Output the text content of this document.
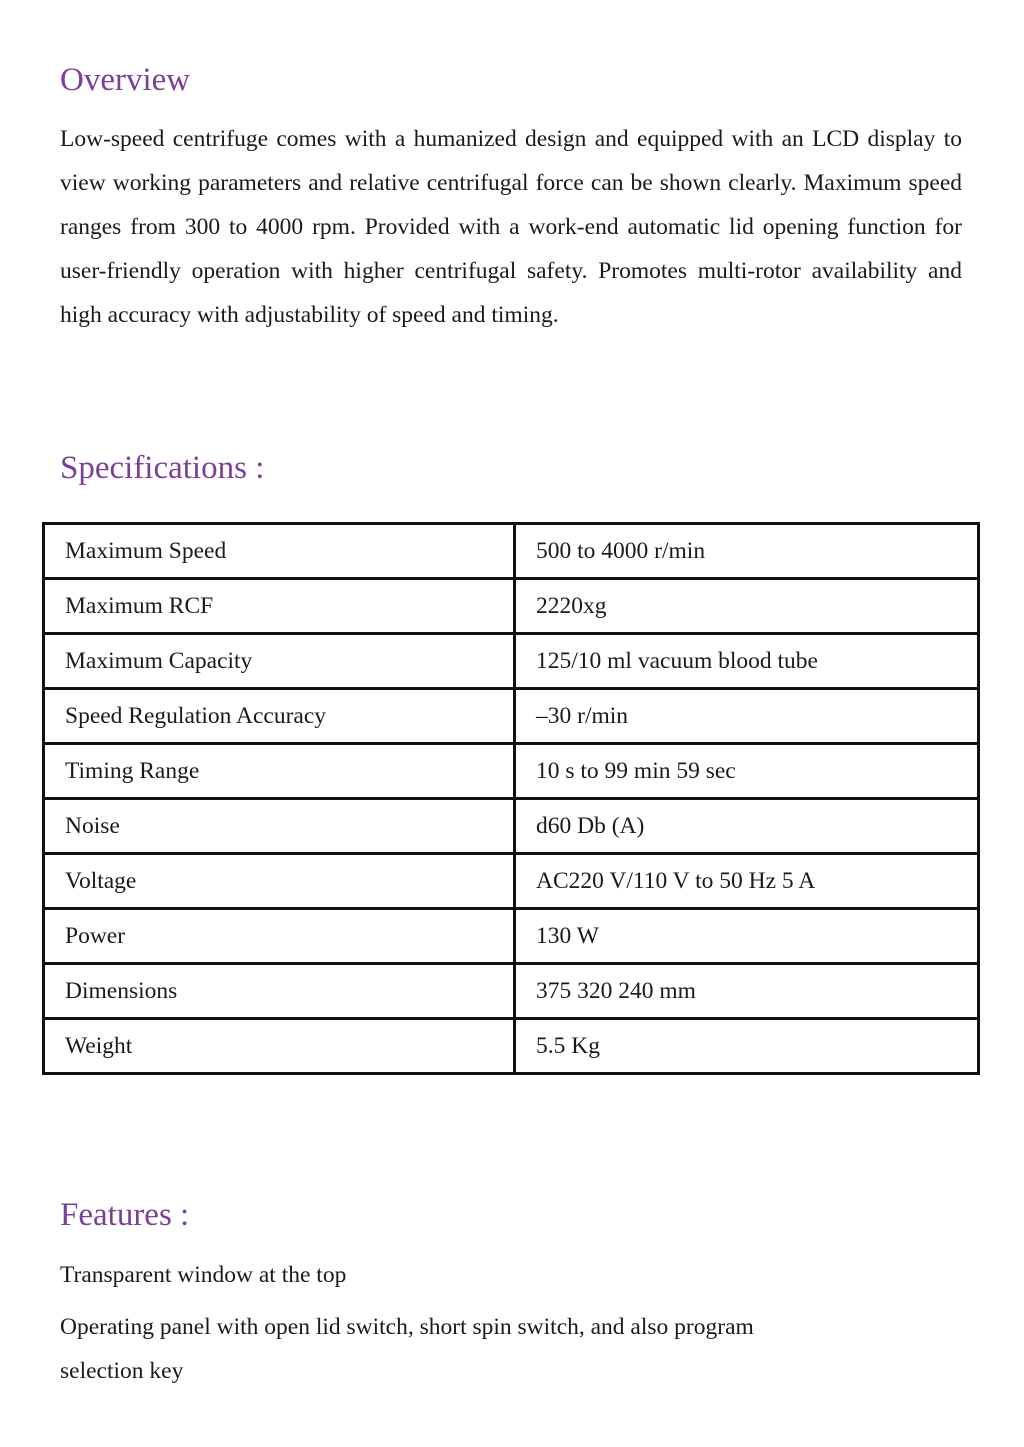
Overview

Low-speed centrifuge comes with a humanized design and equipped with an LCD display to view working parameters and relative centrifugal force can be shown clearly. Maximum speed ranges from 300 to 4000 rpm. Provided with a work-end automatic lid opening function for user-friendly operation with higher centrifugal safety. Promotes multi-rotor availability and high accuracy with adjustability of speed and timing.

Specifications :
Maximum Speed	500 to 4000 r/min
Maximum RCF	2220xg
Maximum Capacity	125/10 ml vacuum blood tube
Speed Regulation Accuracy	–30 r/min
Timing Range	10 s to 99 min 59 sec
Noise	d60 Db (A)
Voltage	AC220 V/110 V to 50 Hz 5 A
Power	130 W
Dimensions	375 320 240 mm
Weight	5.5 Kg
Features :

Transparent window at the top

Operating panel with open lid switch, short spin switch, and also program selection key
